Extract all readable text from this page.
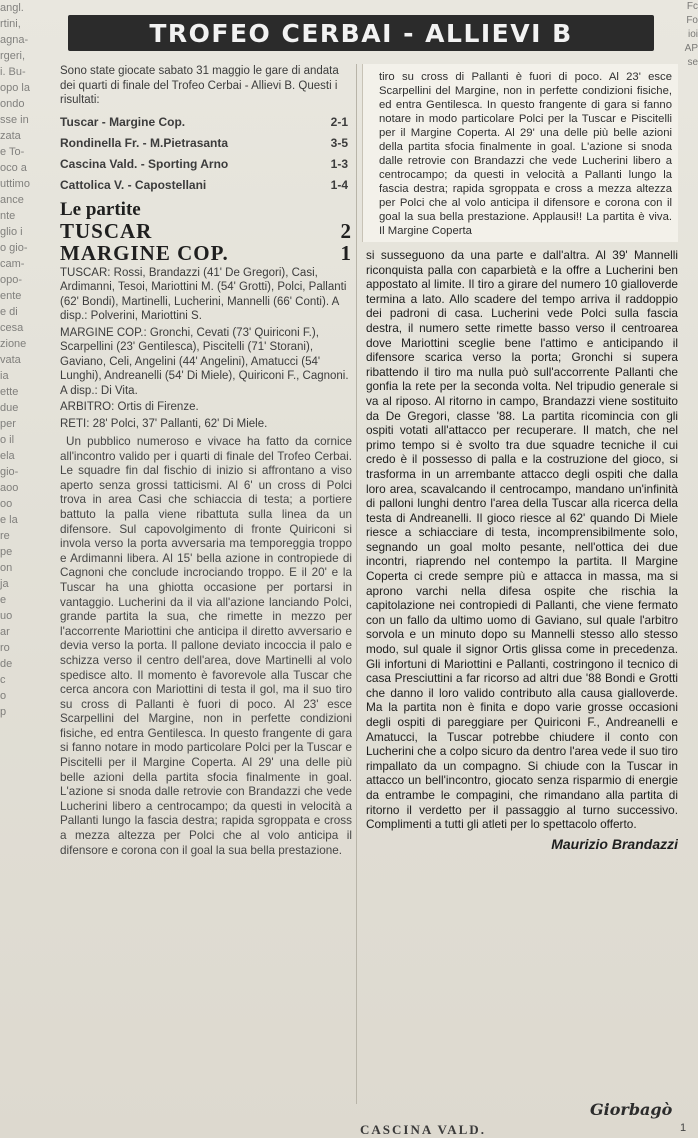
angl.
rtini,
agna-
rgeri,
i. Bu-
opo la
ondo
sse in
zata
e To-
oco a
uttimo
ance
nte
glio i
o gio-
cam-
opo-
ente
e di
cesa
zione
vata
ia
ette
due
per
o il
ela
gio-
aoo
oo
e la
re
pe
on
ja
e
uo
ar
ro
de
c
o
p
Fc
Fo
ioi
AP
se
TROFEO CERBAI - ALLIEVI B

Sono state giocate sabato 31 maggio le gare di andata dei quarti di finale del Trofeo Cerbai - Allievi B. Questi i risultati:

Tuscar - Margine Cop.	2-1
Rondinella Fr. - M.Pietrasanta	3-5
Cascina Vald. - Sporting Arno	1-3
Cattolica V. - Capostellani	1-4
Le partite
TUSCAR	2
MARGINE COP.	1

TUSCAR: Rossi, Brandazzi (41' De Gregori), Casi, Ardimanni, Tesoi, Mariottini M. (54' Grotti), Polci, Pallanti (62' Bondi), Martinelli, Lucherini, Mannelli (66' Conti). A disp.: Polverini, Mariottini S.

MARGINE COP.: Gronchi, Cevati (73' Quiriconi F.), Scarpellini (23' Gentilesca), Piscitelli (71' Storani), Gaviano, Celi, Angelini (44' Angelini), Amatucci (54' Lunghi), Andreanelli (54' Di Miele), Quiriconi F., Cagnoni. A disp.: Di Vita.

ARBITRO: Ortis di Firenze.

RETI: 28' Polci, 37' Pallanti, 62' Di Miele.

Un pubblico numeroso e vivace ha fatto da cornice all'incontro valido per i quarti di finale del Trofeo Cerbai. Le squadre fin dal fischio di inizio si affrontano a viso aperto senza grossi tatticismi. Al 6' un cross di Polci trova in area Casi che schiaccia di testa; a portiere battuto la palla viene ribattuta sulla linea da un difensore. Sul capovolgimento di fronte Quiriconi si invola verso la porta avversaria ma temporeggia troppo e Ardimanni libera. Al 15' bella azione in contropiede di Cagnoni che conclude incrociando troppo. E il 20' e la Tuscar ha una ghiotta occasione per portarsi in vantaggio. Lucherini da il via all'azione lanciando Polci, grande partita la sua, che rimette in mezzo per l'accorrente Mariottini che anticipa il diretto avversario e devia verso la porta. Il pallone deviato incoccia il palo e schizza verso il centro dell'area, dove Martinelli al volo spedisce alto. Il momento è favorevole alla Tuscar che cerca ancora con Mariottini di testa il gol, ma il suo tiro su cross di Pallanti è fuori di poco. Al 23' esce Scarpellini del Margine, non in perfette condizioni fisiche, ed entra Gentilesca. In questo frangente di gara si fanno notare in modo particolare Polci per la Tuscar e Piscitelli per il Margine Coperta. Al 29' una delle più belle azioni della partita sfocia finalmente in goal. L'azione si snoda dalle retrovie con Brandazzi che vede Lucherini libero a centrocampo; da questi in velocità a Pallanti lungo la fascia destra; rapida sgroppata e cross a mezza altezza per Polci che al volo anticipa il difensore e corona con il goal la sua bella prestazione.

tiro su cross di Pallanti è fuori di poco. Al 23' esce Scarpellini del Margine, non in perfette condizioni fisiche, ed entra Gentilesca. In questo frangente di gara si fanno notare in modo particolare Polci per la Tuscar e Piscitelli per il Margine Coperta. Al 29' una delle più belle azioni della partita sfocia finalmente in goal. L'azione si snoda dalle retrovie con Brandazzi che vede Lucherini libero a centrocampo; da questi in velocità a Pallanti lungo la fascia destra; rapida sgroppata e cross a mezza altezza per Polci che al volo anticipa il difensore e corona con il goal la sua bella prestazione. Applausi!! La partita è viva. Il Margine Coperta

si susseguono da una parte e dall'altra. Al 39' Mannelli riconquista palla con caparbietà e la offre a Lucherini ben appostato al limite. Il tiro a girare del numero 10 gialloverde termina a lato. Allo scadere del tempo arriva il raddoppio dei padroni di casa. Lucherini vede Polci sulla fascia destra, il numero sette rimette basso verso il centroarea dove Mariottini sceglie bene l'attimo e anticipando il difensore scarica verso la porta; Gronchi si supera ribattendo il tiro ma nulla può sull'accorrente Pallanti che gonfia la rete per la seconda volta. Nel tripudio generale si va al riposo. Al ritorno in campo, Brandazzi viene sostituito da De Gregori, classe '88. La partita ricomincia con gli ospiti votati all'attacco per recuperare. Il match, che nel primo tempo si è svolto tra due squadre tecniche il cui credo è il possesso di palla e la costruzione del gioco, si trasforma in un arrembante attacco degli ospiti che dalla loro area, scavalcando il centrocampo, mandano un'infinità di palloni lunghi dentro l'area della Tuscar alla ricerca della testa di Andreanelli. Il gioco riesce al 62' quando Di Miele riesce a schiacciare di testa, incomprensibilmente solo, segnando un goal molto pesante, nell'ottica dei due incontri, riaprendo nel contempo la partita. Il Margine Coperta ci crede sempre più e attacca in massa, ma si aprono varchi nella difesa ospite che rischia la capitolazione nei contropiedi di Pallanti, che viene fermato con un fallo da ultimo uomo di Gaviano, sul quale l'arbitro sorvola e un minuto dopo su Mannelli stesso allo stesso modo, sul quale il signor Ortis glissa come in precedenza. Gli infortuni di Mariottini e Pallanti, costringono il tecnico di casa Presciuttini a far ricorso ad altri due '88 Bondi e Grotti che danno il loro valido contributo alla causa gialloverde. Ma la partita non è finita e dopo varie grosse occasioni degli ospiti di pareggiare per Quiriconi F., Andreanelli e Amatucci, la Tuscar potrebbe chiudere il conto con Lucherini che a colpo sicuro da dentro l'area vede il suo tiro rimpallato da un compagno. Si chiude con la Tuscar in attacco un bell'incontro, giocato senza risparmio di energie da entrambe le compagini, che rimandano alla partita di ritorno il verdetto per il passaggio al turno successivo. Complimenti a tutti gli atleti per lo spettacolo offerto.

Maurizio Brandazzi
CASCINA VALD.
Giorbagò
1
